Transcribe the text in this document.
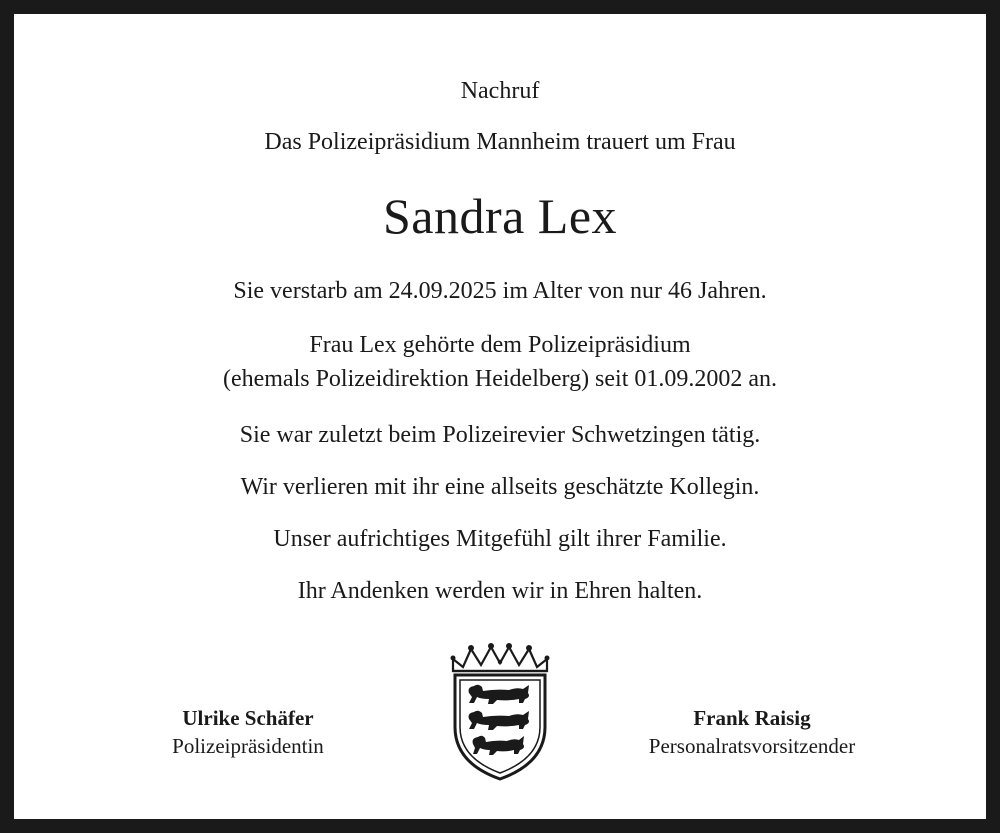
Nachruf
Das Polizeipräsidium Mannheim trauert um Frau
Sandra Lex
Sie verstarb am 24.09.2025 im Alter von nur 46 Jahren.
Frau Lex gehörte dem Polizeipräsidium
(ehemals Polizeidirektion Heidelberg) seit 01.09.2002 an.
Sie war zuletzt beim Polizeirevier Schwetzingen tätig.
Wir verlieren mit ihr eine allseits geschätzte Kollegin.
Unser aufrichtiges Mitgefühl gilt ihrer Familie.
Ihr Andenken werden wir in Ehren halten.
Ulrike Schäfer
Polizeipräsidentin
Frank Raisig
Personalratsvorsitzender
